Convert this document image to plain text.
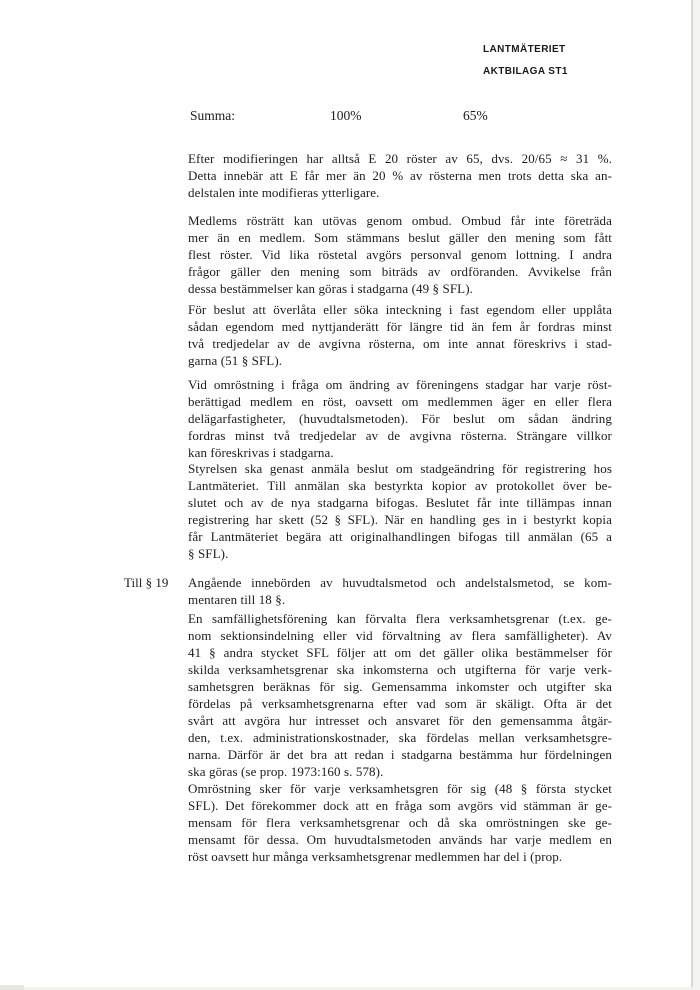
LANTMÄTERIET
AKTBILAGA ST1
Summa:	100%	65%
Efter modifieringen har alltså E 20 röster av 65, dvs. 20/65 ≈ 31 %.
Detta innebär att E får mer än 20 % av rösterna men trots detta ska an-
delstalen inte modifieras ytterligare.
Medlems rösträtt kan utövas genom ombud. Ombud får inte företräda
mer än en medlem. Som stämmans beslut gäller den mening som fått
flest röster. Vid lika röstetal avgörs personval genom lottning. I andra
frågor gäller den mening som biträds av ordföranden. Avvikelse från
dessa bestämmelser kan göras i stadgarna (49 § SFL).
För beslut att överlåta eller söka inteckning i fast egendom eller upplåta
sådan egendom med nyttjanderätt för längre tid än fem år fordras minst
två tredjedelar av de avgivna rösterna, om inte annat föreskrivs i stad-
garna (51 § SFL).
Vid omröstning i fråga om ändring av föreningens stadgar har varje röst-
berättigad medlem en röst, oavsett om medlemmen äger en eller flera
delägarfastigheter, (huvudtalsmetoden). För beslut om sådan ändring
fordras minst två tredjedelar av de avgivna rösterna. Strängare villkor
kan föreskrivas i stadgarna.
Styrelsen ska genast anmäla beslut om stadgeändring för registrering hos
Lantmäteriet. Till anmälan ska bestyrkta kopior av protokollet över be-
slutet och av de nya stadgarna bifogas. Beslutet får inte tillämpas innan
registrering har skett (52 § SFL). När en handling ges in i bestyrkt kopia
får Lantmäteriet begära att originalhandlingen bifogas till anmälan (65 a
§ SFL).
Till § 19 Angående innebörden av huvudtalsmetod och andelstalsmetod, se kom-
mentaren till 18 §.
En samfällighetsförening kan förvalta flera verksamhetsgrenar (t.ex. ge-
nom sektionsindelning eller vid förvaltning av flera samfälligheter). Av
41 § andra stycket SFL följer att om det gäller olika bestämmelser för
skilda verksamhetsgrenar ska inkomsterna och utgifterna för varje verk-
samhetsgren beräknas för sig. Gemensamma inkomster och utgifter ska
fördelas på verksamhetsgrenarna efter vad som är skäligt. Ofta är det
svårt att avgöra hur intresset och ansvaret för den gemensamma åtgär-
den, t.ex. administrationskostnader, ska fördelas mellan verksamhetsgre-
narna. Därför är det bra att redan i stadgarna bestämma hur fördelningen
ska göras (se prop. 1973:160 s. 578).
Omröstning sker för varje verksamhetsgren för sig (48 § första stycket
SFL). Det förekommer dock att en fråga som avgörs vid stämman är ge-
mensam för flera verksamhetsgrenar och då ska omröstningen ske ge-
mensamt för dessa. Om huvudtalsmetoden används har varje medlem en
röst oavsett hur många verksamhetsgrenar medlemmen har del i (prop.
